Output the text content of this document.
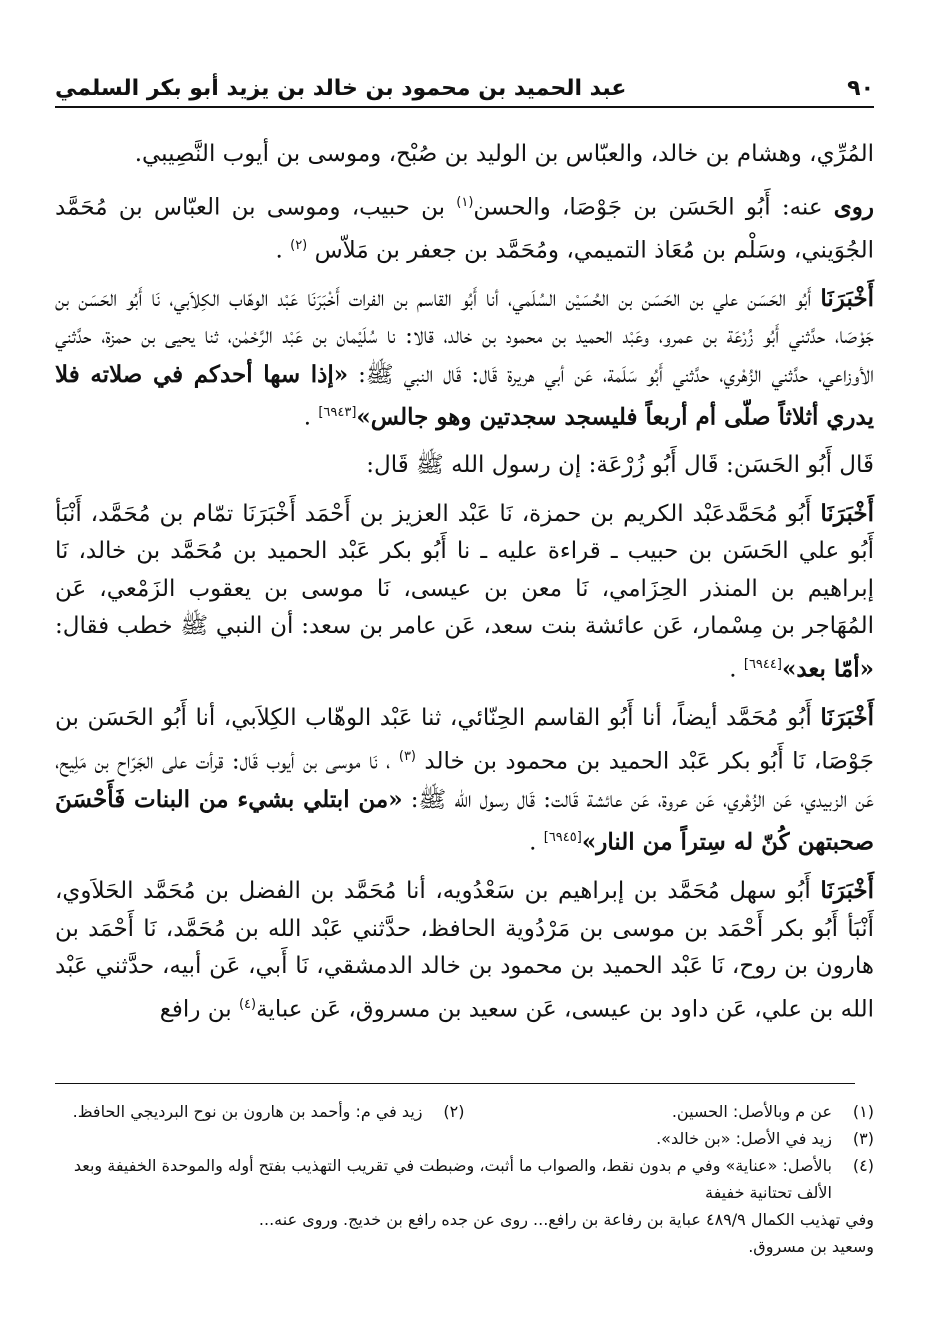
٩٠
عبد الحميد بن محمود بن خالد بن يزيد أبو بكر السلمي

المُرِّي، وهشام بن خالد، والعبّاس بن الوليد بن صُبْح، وموسى بن أيوب النَّصِيبي.

روى عنه: أَبُو الحَسَن بن جَوْصَا، والحسن$^{(١)}$ بن حبيب، وموسى بن العبّاس بن مُحَمَّد الجُوَيني، وسَلْم بن مُعَاذ التميمي، ومُحَمَّد بن جعفر بن مَلاّس $^{(٢)}$ .

أَخْبَرَنَا أَبُو الحَسَن علي بن الحَسَن بن الحُسَيْن السُلَمي، أنا أَبُو القاسم بن الفرات أَخْبَرَنَا عَبْد الوهّاب الكِلاَبي، نَا أَبُو الحَسَن بن جَوْصَا، حدَّثني أَبُو زُرْعَة بن عمرو، وعَبْد الحميد بن محمود بن خالد، قالا: نا سُلَيْمان بن عَبْد الرَّحْمٰن، ثنا يحيى بن حمزة، حدَّثني الأوزاعي، حدَّثني الزُهْري، حدَّثني أَبُو سَلَمة، عَن أبي هريرة قَال: قَال النبي ﷺ: «إذا سها أحدكم في صلاته فلا يدري أثلاثاً صلّى أم أربعاً فليسجد سجدتين وهو جالس»[٦٩٤٣] .

قَال أَبُو الحَسَن: قَال أَبُو زُرْعَة: إن رسول الله ﷺ قَال:

أَخْبَرَنَا أَبُو مُحَمَّدعَبْد الكريم بن حمزة، نَا عَبْد العزيز بن أَحْمَد أَخْبَرَنَا تمّام بن مُحَمَّد، أَنْبَأ أَبُو علي الحَسَن بن حبيب ـ قراءة عليه ـ نا أَبُو بكر عَبْد الحميد بن مُحَمَّد بن خالد، نَا إبراهيم بن المنذر الحِزَامي، نَا معن بن عيسى، نَا موسى بن يعقوب الزَمْعي، عَن المُهَاجر بن مِسْمار، عَن عائشة بنت سعد، عَن عامر بن سعد: أن النبي ﷺ خطب فقال: «أمّا بعد»[٦٩٤٤] .

أَخْبَرَنَا أَبُو مُحَمَّد أيضاً، أنا أَبُو القاسم الحِنّائي، ثنا عَبْد الوهّاب الكِلاَبي، أنا أَبُو الحَسَن بن جَوْصَا، نَا أَبُو بكر عَبْد الحميد بن محمود بن خالد $^{(٣)}$ ، نَا موسى بن أيوب قَال: قرأت على الجَرّاح بن مَلِيح، عَن الزبيدي، عَن الزُهْري، عَن عروة، عَن عائشة قَالت: قَال رسول الله ﷺ: «من ابتلي بشيء من البنات فَأَحْسَنَ صحبتهن كُنّ له سِتراً من النار»[٦٩٤٥] .

أَخْبَرَنَا أَبُو سهل مُحَمَّد بن إبراهيم بن سَعْدُويه، أنا مُحَمَّد بن الفضل بن مُحَمَّد الحَلاَوي، أَنْبَأ أَبُو بكر أَحْمَد بن موسى بن مَرْدُوية الحافظ، حدَّثني عَبْد الله بن مُحَمَّد، نَا أَحْمَد بن هارون بن روح، نَا عَبْد الحميد بن محمود بن خالد الدمشقي، نَا أَبي، عَن أبيه، حدَّثني عَبْد الله بن علي، عَن داود بن عيسى، عَن سعيد بن مسروق، عَن عباية$^{(٤)}$ بن رافع

(١)
عن م وبالأصل: الحسين.
(٢)
زيد في م: وأحمد بن هارون بن نوح البرديجي الحافظ.
(٣)
زيد في الأصل: «بن خالد».
(٤)
بالأصل: «عناية» وفي م بدون نقط، والصواب ما أثبت، وضبطت في تقريب التهذيب بفتح أوله والموحدة الخفيفة وبعد الألف تحتانية خفيفة

وفي تهذيب الكمال ٤٨٩/٩ عباية بن رفاعة بن رافع... روى عن جده رافع بن خديج. وروى عنه...

وسعيد بن مسروق.
